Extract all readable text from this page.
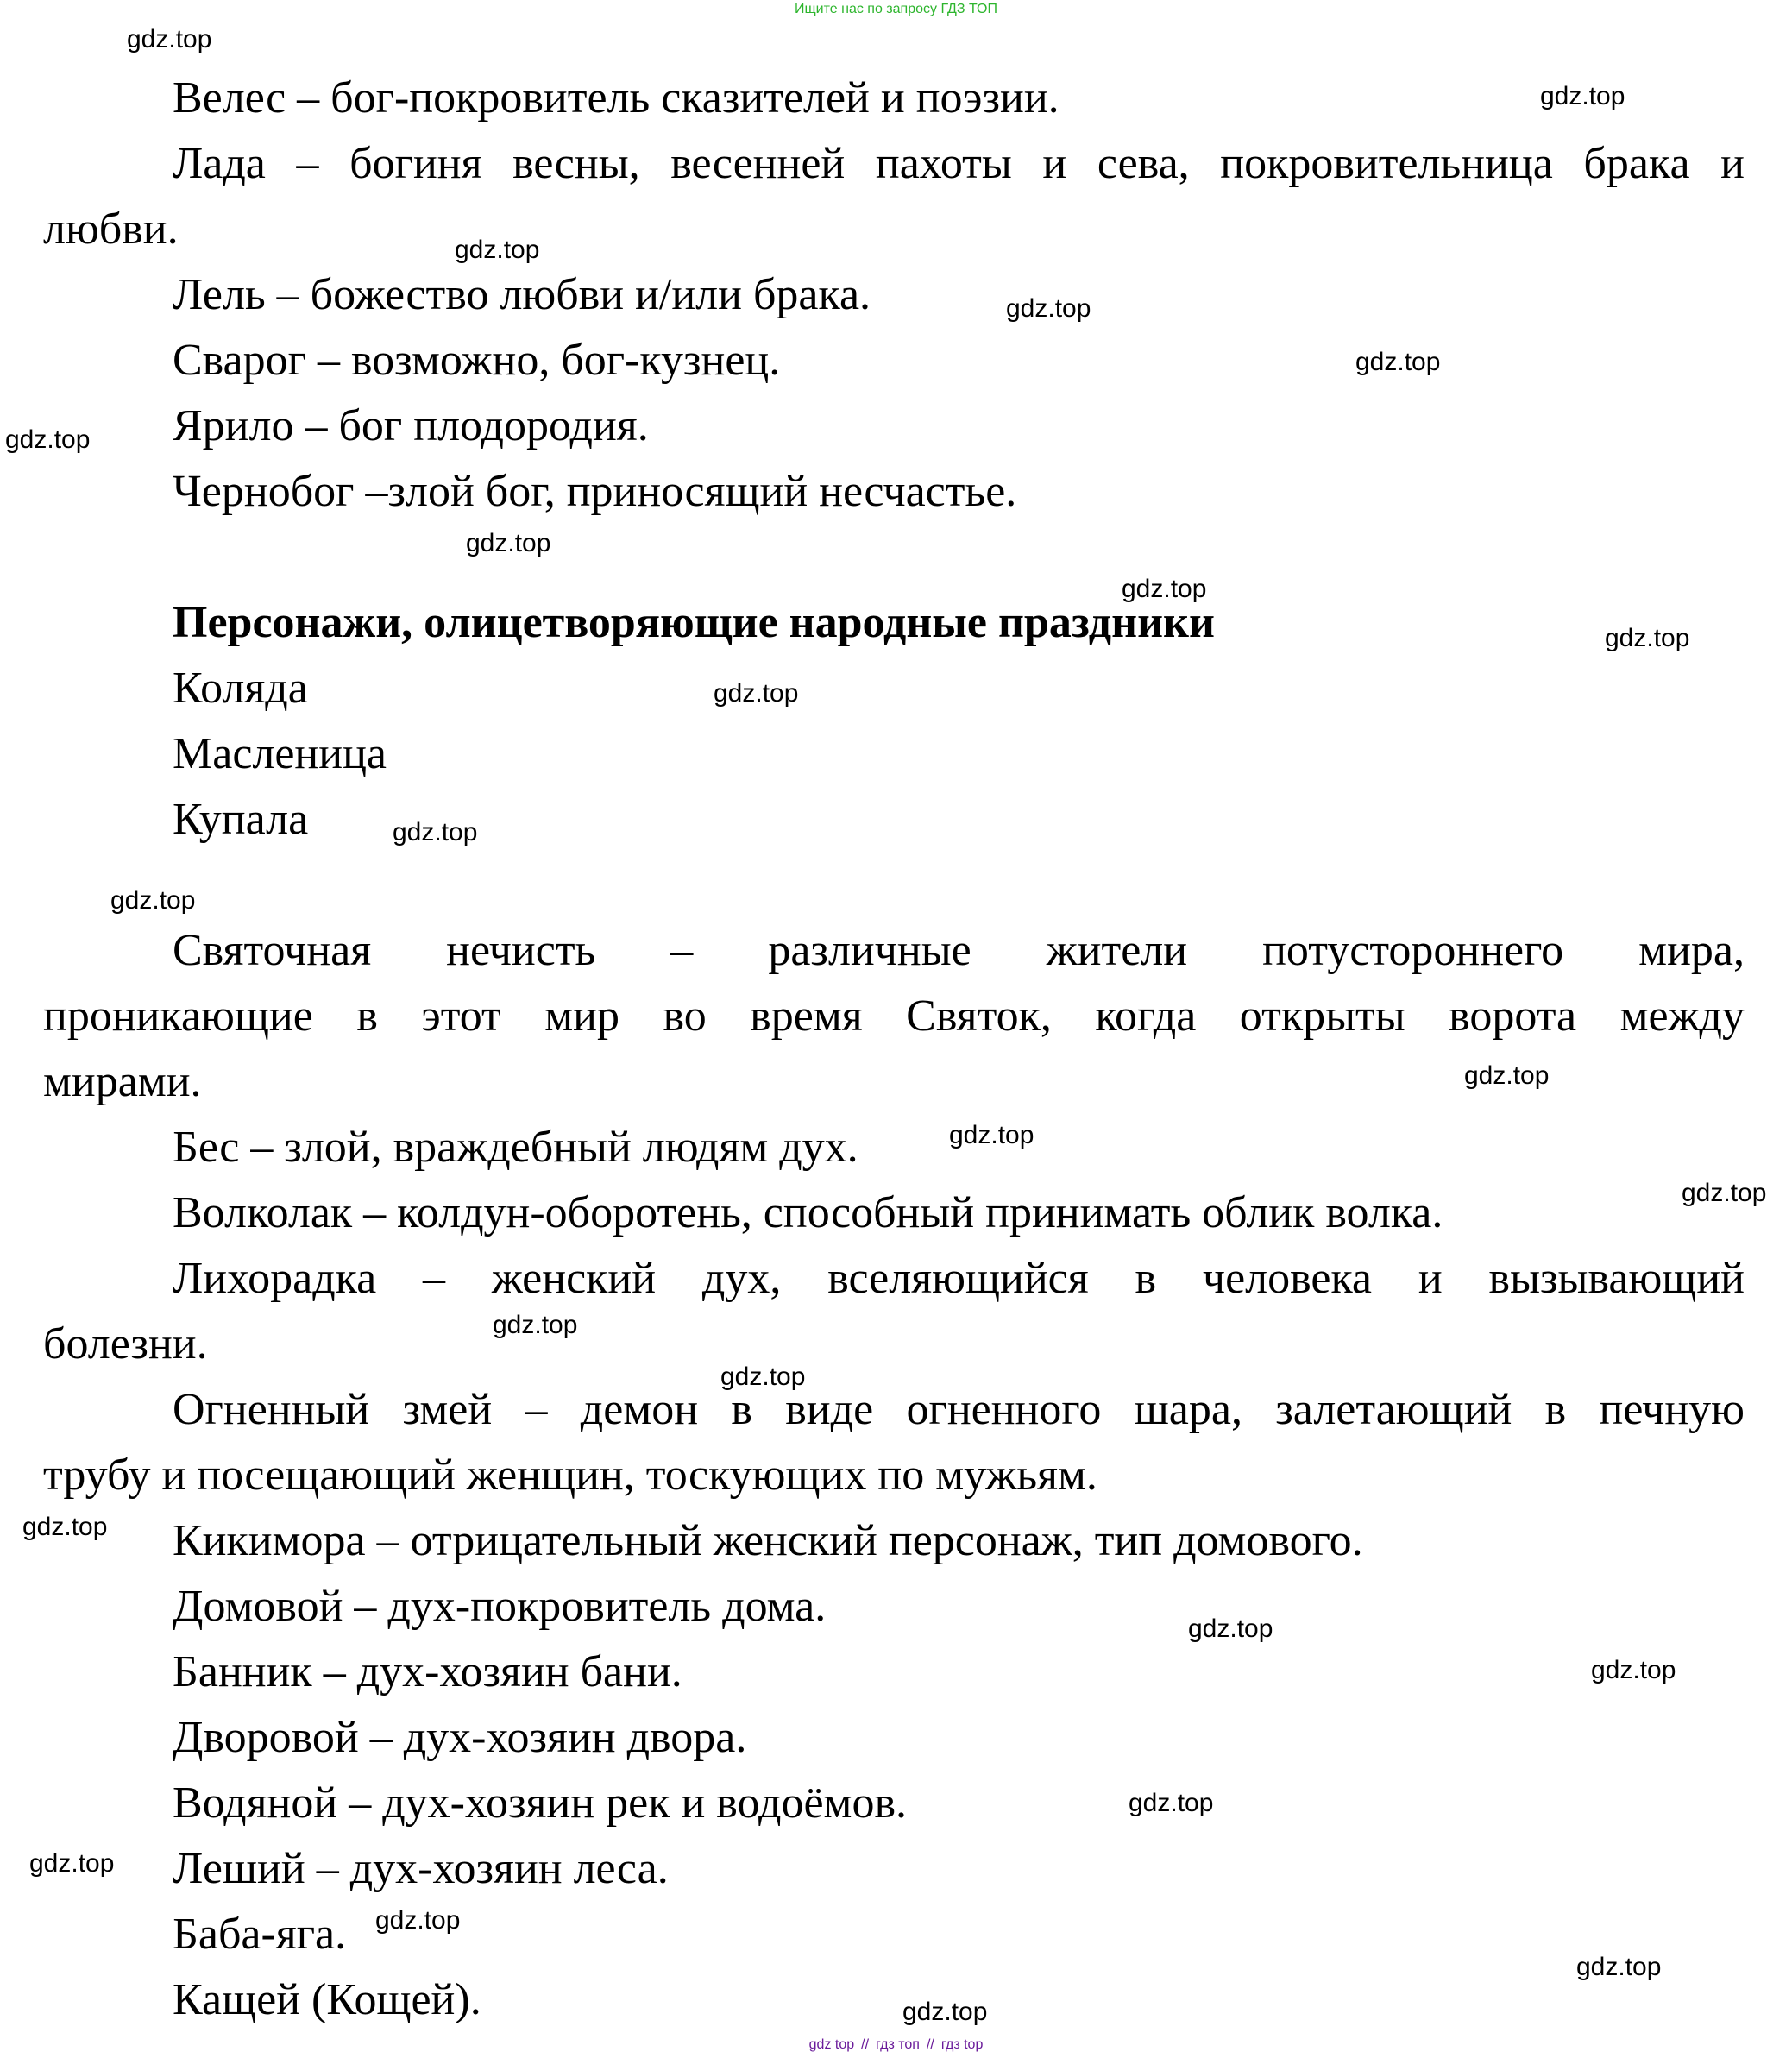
Ищите нас по запросу ГДЗ ТОП
Велес – бог-покровитель сказителей и поэзии.
Лада – богиня весны, весенней пахоты и сева, покровительница брака и
любви.
Лель – божество любви и/или брака.
Сварог – возможно, бог-кузнец.
Ярило – бог плодородия.
Чернобог –злой бог, приносящий несчастье.
Персонажи, олицетворяющие народные праздники
Коляда
Масленица
Купала
Святочная нечисть – различные жители потустороннего мира,
проникающие в этот мир во время Святок, когда открыты ворота между
мирами.
Бес – злой, враждебный людям дух.
Волколак – колдун-оборотень, способный принимать облик волка.
Лихорадка – женский дух, вселяющийся в человека и вызывающий
болезни.
Огненный змей – демон в виде огненного шара, залетающий в печную
трубу и посещающий женщин, тоскующих по мужьям.
Кикимора – отрицательный женский персонаж, тип домового.
Домовой – дух-покровитель дома.
Банник – дух-хозяин бани.
Дворовой – дух-хозяин двора.
Водяной – дух-хозяин рек и водоёмов.
Леший – дух-хозяин леса.
Баба-яга.
Кащей (Кощей).
gdz.top
gdz.top
gdz.top
gdz.top
gdz.top
gdz.top
gdz.top
gdz.top
gdz.top
gdz.top
gdz.top
gdz.top
gdz.top
gdz.top
gdz.top
gdz.top
gdz.top
gdz.top
gdz.top
gdz.top
gdz.top
gdz.top
gdz.top
gdz.top
gdz.top
gdz top // гдз топ // гдз top
